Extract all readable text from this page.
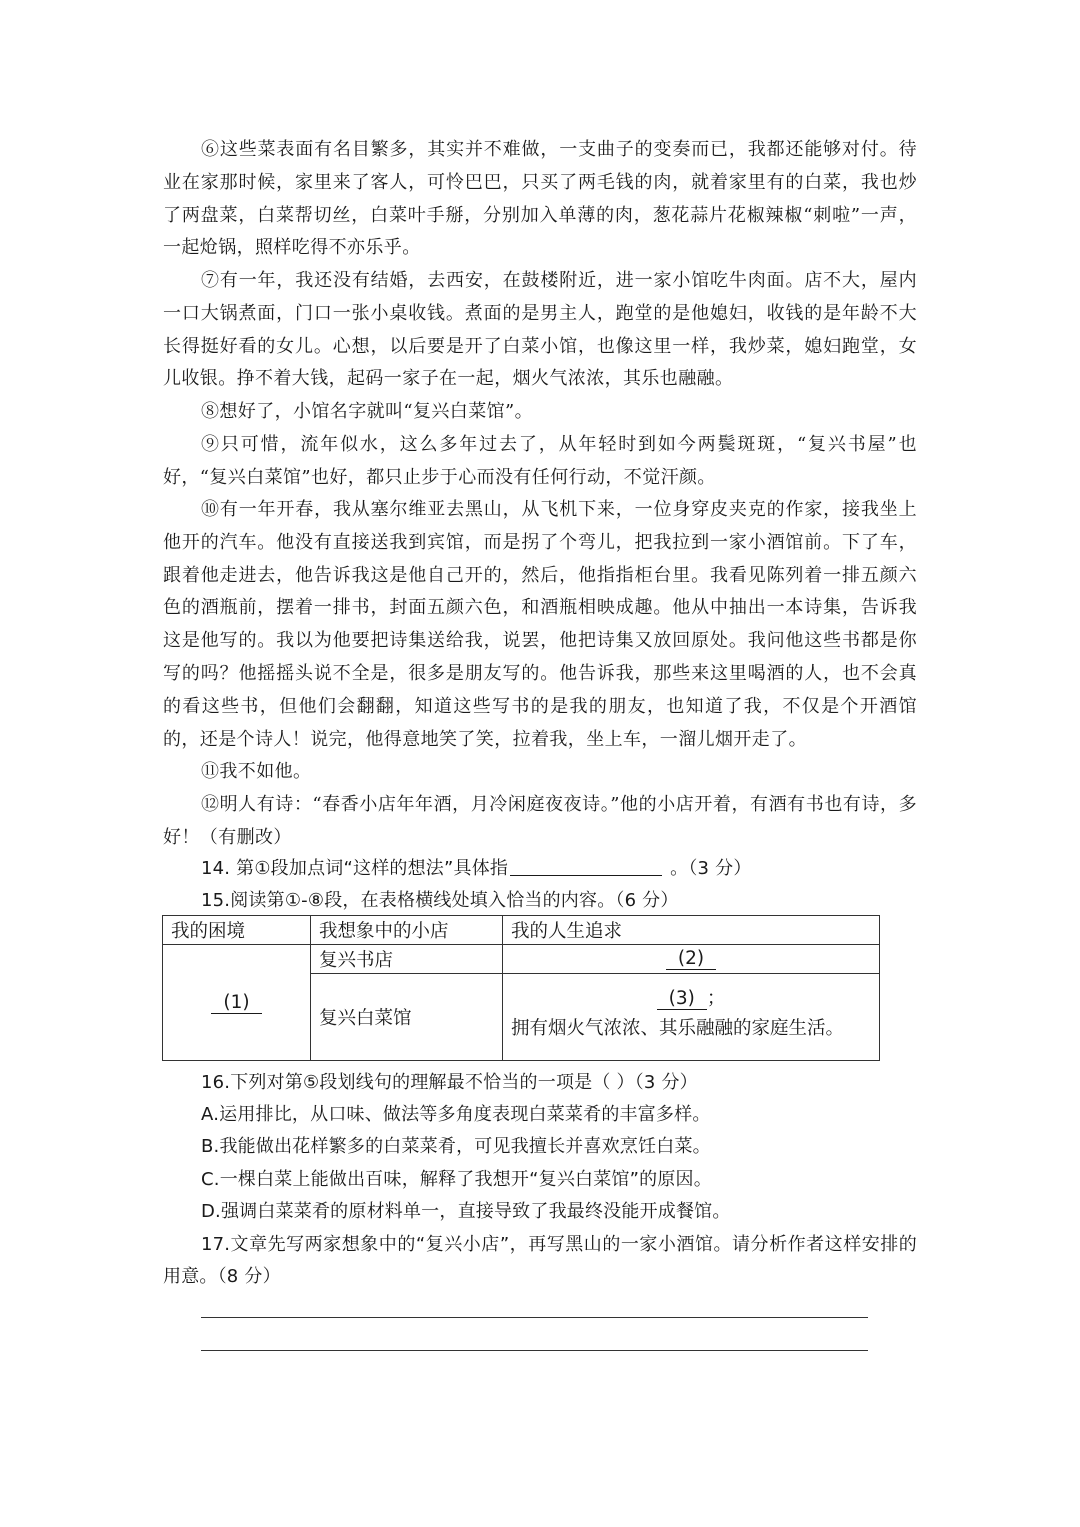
⑥这些菜表面有名目繁多，其实并不难做，一支曲子的变奏而已，我都还能够对付。待业在家那时候，家里来了客人，可怜巴巴，只买了两毛钱的肉，就着家里有的白菜，我也炒了两盘菜，白菜帮切丝，白菜叶手掰，分别加入单薄的肉，葱花蒜片花椒辣椒“刺啦”一声，一起炝锅，照样吃得不亦乐乎。

⑦有一年，我还没有结婚，去西安，在鼓楼附近，进一家小馆吃牛肉面。店不大，屋内一口大锅煮面，门口一张小桌收钱。煮面的是男主人，跑堂的是他媳妇，收钱的是年龄不大长得挺好看的女儿。心想，以后要是开了白菜小馆，也像这里一样，我炒菜，媳妇跑堂，女儿收银。挣不着大钱，起码一家子在一起，烟火气浓浓，其乐也融融。

⑧想好了，小馆名字就叫“复兴白菜馆”。

⑨只可惜，流年似水，这么多年过去了，从年轻时到如今两鬓斑斑，“复兴书屋”也好，“复兴白菜馆”也好，都只止步于心而没有任何行动，不觉汗颜。

⑩有一年开春，我从塞尔维亚去黑山，从飞机下来，一位身穿皮夹克的作家，接我坐上他开的汽车。他没有直接送我到宾馆，而是拐了个弯儿，把我拉到一家小酒馆前。下了车，跟着他走进去，他告诉我这是他自己开的，然后，他指指柜台里。我看见陈列着一排五颜六色的酒瓶前，摆着一排书，封面五颜六色，和酒瓶相映成趣。他从中抽出一本诗集，告诉我这是他写的。我以为他要把诗集送给我，说罢，他把诗集又放回原处。我问他这些书都是你写的吗？他摇摇头说不全是，很多是朋友写的。他告诉我，那些来这里喝酒的人，也不会真的看这些书，但他们会翻翻，知道这些写书的是我的朋友，也知道了我，不仅是个开酒馆的，还是个诗人！说完，他得意地笑了笑，拉着我，坐上车，一溜儿烟开走了。

⑪我不如他。

⑫明人有诗：“春香小店年年酒，月冷闲庭夜夜诗。”他的小店开着，有酒有书也有诗，多好！（有删改）

14. 第①段加点词“这样的想法”具体指	。（3 分）

15.阅读第①-⑧段，在表格横线处填入恰当的内容。（6 分）

我的困境	我想象中的小店	我的人生追求
(1)	复兴书店	(2)
	复兴白菜馆	(3) ；
拥有烟火气浓浓、其乐融融的家庭生活。

16.下列对第⑤段划线句的理解最不恰当的一项是（ ）（3 分）

A.运用排比，从口味、做法等多角度表现白菜菜肴的丰富多样。

B.我能做出花样繁多的白菜菜肴，可见我擅长并喜欢烹饪白菜。

C.一棵白菜上能做出百味，解释了我想开“复兴白菜馆”的原因。

D.强调白菜菜肴的原材料单一，直接导致了我最终没能开成餐馆。

17.文章先写两家想象中的“复兴小店”，再写黑山的一家小酒馆。请分析作者这样安排的用意。（8 分）
